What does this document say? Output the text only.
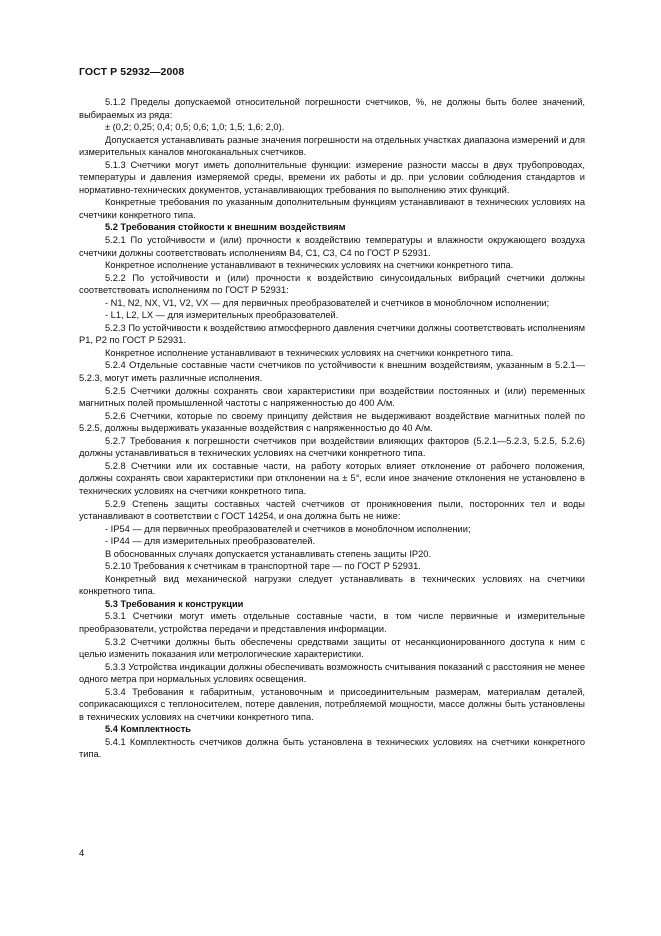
ГОСТ Р 52932—2008

5.1.2 Пределы допускаемой относительной погрешности счетчиков, %, не должны быть более значений, выбираемых из ряда:

± (0,2; 0,25; 0,4; 0,5; 0,6; 1,0; 1,5; 1,6; 2,0).

Допускается устанавливать разные значения погрешности на отдельных участках диапазона измерений и для измерительных каналов многоканальных счетчиков.

5.1.3 Счетчики могут иметь дополнительные функции: измерение разности массы в двух трубопроводах, температуры и давления измеряемой среды, времени их работы и др. при условии соблюдения стандартов и нормативно-технических документов, устанавливающих требования по выполнению этих функций.

Конкретные требования по указанным дополнительным функциям устанавливают в технических условиях на счетчики конкретного типа.

5.2 Требования стойкости к внешним воздействиям

5.2.1 По устойчивости и (или) прочности к воздействию температуры и влажности окружающего воздуха счетчики должны соответствовать исполнениям В4, С1, С3, С4 по ГОСТ Р 52931.

Конкретное исполнение устанавливают в технических условиях на счетчики конкретного типа.

5.2.2 По устойчивости и (или) прочности к воздействию синусоидальных вибраций счетчики должны соответствовать исполнениям по ГОСТ Р 52931:

- N1, N2, NX, V1, V2, VX — для первичных преобразователей и счетчиков в моноблочном исполнении;

- L1, L2, LX — для измерительных преобразователей.

5.2.3 По устойчивости к воздействию атмосферного давления счетчики должны соответствовать исполнениям Р1, Р2 по ГОСТ Р 52931.

Конкретное исполнение устанавливают в технических условиях на счетчики конкретного типа.

5.2.4 Отдельные составные части счетчиков по устойчивости к внешним воздействиям, указанным в 5.2.1—5.2.3, могут иметь различные исполнения.

5.2.5 Счетчики должны сохранять свои характеристики при воздействии постоянных и (или) переменных магнитных полей промышленной частоты с напряженностью до 400 А/м.

5.2.6 Счетчики, которые по своему принципу действия не выдерживают воздействие магнитных полей по 5.2.5, должны выдерживать указанные воздействия с напряженностью до 40 А/м.

5.2.7 Требования к погрешности счетчиков при воздействии влияющих факторов (5.2.1—5.2.3, 5.2.5, 5.2.6) должны устанавливаться в технических условиях на счетчики конкретного типа.

5.2.8 Счетчики или их составные части, на работу которых влияет отклонение от рабочего положения, должны сохранять свои характеристики при отклонении на ± 5°, если иное значение отклонения не установлено в технических условиях на счетчики конкретного типа.

5.2.9 Степень защиты составных частей счетчиков от проникновения пыли, посторонних тел и воды устанавливают в соответствии с ГОСТ 14254, и она должна быть не ниже:

- IP54 — для первичных преобразователей и счетчиков в моноблочном исполнении;

- IP44 — для измерительных преобразователей.

В обоснованных случаях допускается устанавливать степень защиты IP20.

5.2.10 Требования к счетчикам в транспортной таре — по ГОСТ Р 52931.

Конкретный вид механической нагрузки следует устанавливать в технических условиях на счетчики конкретного типа.

5.3 Требования к конструкции

5.3.1 Счетчики могут иметь отдельные составные части, в том числе первичные и измерительные преобразователи, устройства передачи и представления информации.

5.3.2 Счетчики должны быть обеспечены средствами защиты от несанкционированного доступа к ним с целью изменить показания или метрологические характеристики.

5.3.3 Устройства индикации должны обеспечивать возможность считывания показаний с расстояния не менее одного метра при нормальных условиях освещения.

5.3.4 Требования к габаритным, установочным и присоединительным размерам, материалам деталей, соприкасающихся с теплоносителем, потере давления, потребляемой мощности, массе должны быть установлены в технических условиях на счетчики конкретного типа.

5.4 Комплектность

5.4.1 Комплектность счетчиков должна быть установлена в технических условиях на счетчики конкретного типа.

4
